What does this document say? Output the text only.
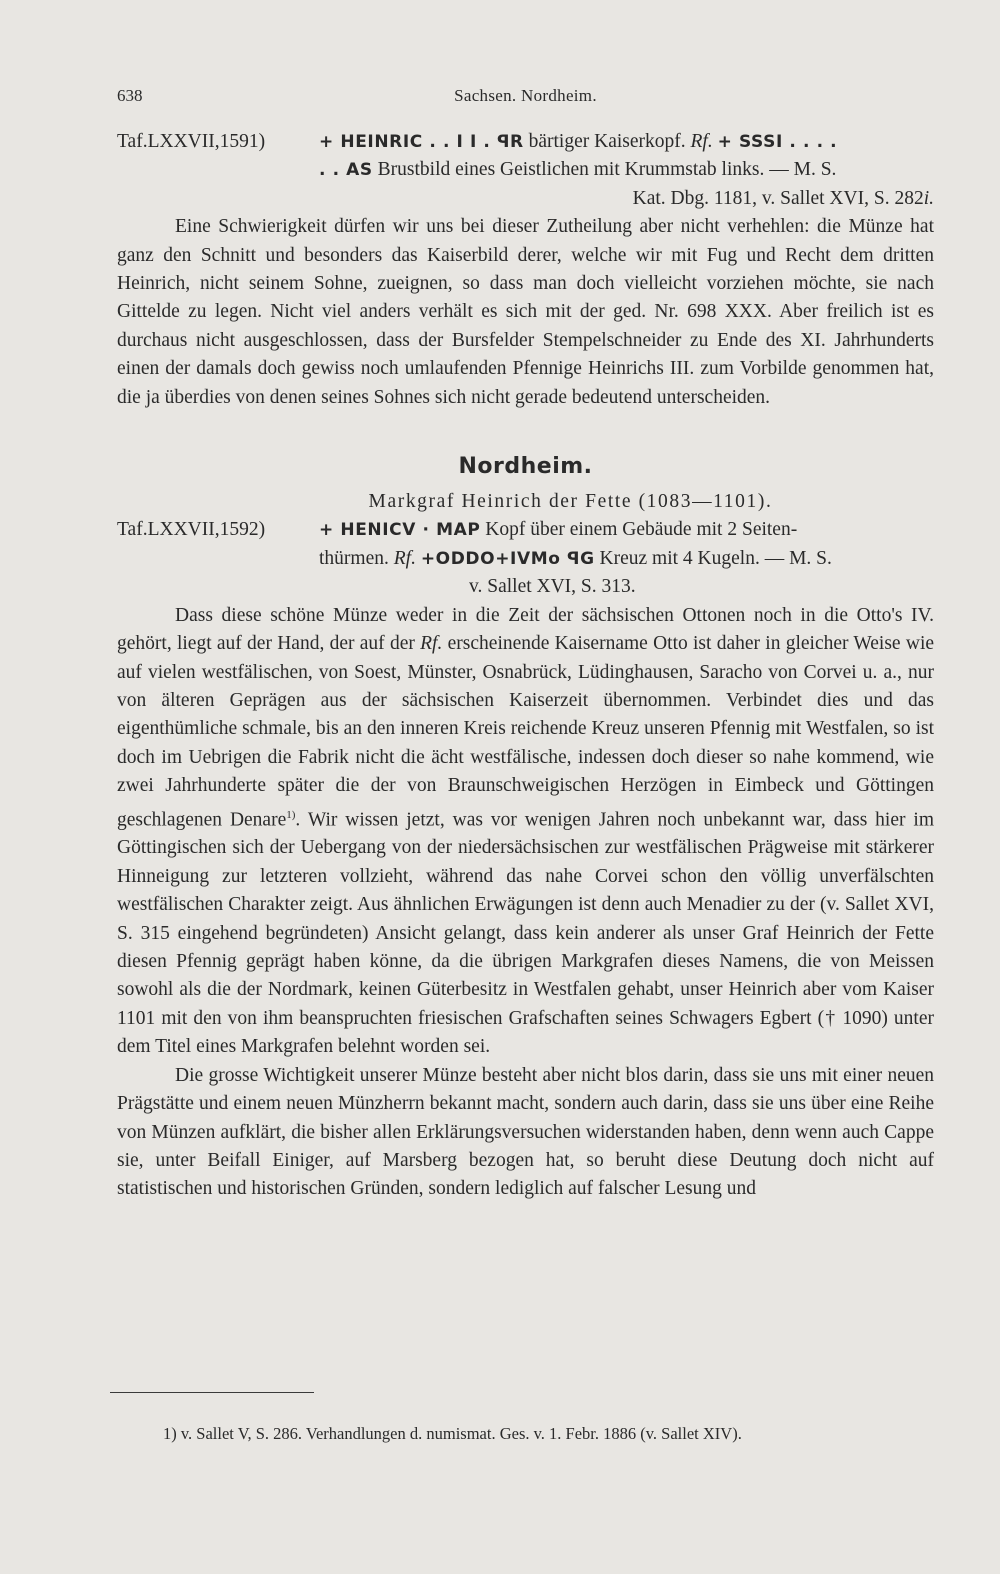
638	Sachsen. Nordheim.
Taf.LXXVII,1591)	+ HEINRIC . . I I . ꟼR bärtiger Kaiserkopf. Rf. + SSSI . . . .
. . AS Brustbild eines Geistlichen mit Krummstab links. — M. S.
Kat. Dbg. 1181, v. Sallet XVI, S. 282i.

Eine Schwierigkeit dürfen wir uns bei dieser Zutheilung aber nicht verhehlen: die Münze hat ganz den Schnitt und besonders das Kaiserbild derer, welche wir mit Fug und Recht dem dritten Heinrich, nicht seinem Sohne, zueignen, so dass man doch vielleicht vorziehen möchte, sie nach Gittelde zu legen. Nicht viel anders verhält es sich mit der ged. Nr. 698 XXX. Aber freilich ist es durchaus nicht ausgeschlossen, dass der Bursfelder Stempelschneider zu Ende des XI. Jahrhunderts einen der damals doch gewiss noch umlaufenden Pfennige Heinrichs III. zum Vorbilde genommen hat, die ja überdies von denen seines Sohnes sich nicht gerade bedeutend unterscheiden.

Nordheim.

Markgraf Heinrich der Fette (1083—1101).

Taf.LXXVII,1592)	+ HENICV · MAP Kopf über einem Gebäude mit 2 Seiten-
thürmen. Rf. +ODDO+IVMo ꟼG Kreuz mit 4 Kugeln. — M. S.
v. Sallet XVI, S. 313.

Dass diese schöne Münze weder in die Zeit der sächsischen Ottonen noch in die Otto's IV. gehört, liegt auf der Hand, der auf der Rf. erscheinende Kaisername Otto ist daher in gleicher Weise wie auf vielen westfälischen, von Soest, Münster, Osnabrück, Lüdinghausen, Saracho von Corvei u. a., nur von älteren Geprägen aus der sächsischen Kaiserzeit übernommen. Verbindet dies und das eigenthümliche schmale, bis an den inneren Kreis reichende Kreuz unseren Pfennig mit Westfalen, so ist doch im Uebrigen die Fabrik nicht die ächt westfälische, indessen doch dieser so nahe kommend, wie zwei Jahrhunderte später die der von Braunschweigischen Herzögen in Eimbeck und Göttingen geschlagenen Denare$^{1)}$. Wir wissen jetzt, was vor wenigen Jahren noch unbekannt war, dass hier im Göttingischen sich der Uebergang von der niedersächsischen zur westfälischen Prägweise mit stärkerer Hinneigung zur letzteren vollzieht, während das nahe Corvei schon den völlig unverfälschten westfälischen Charakter zeigt. Aus ähnlichen Erwägungen ist denn auch Menadier zu der (v. Sallet XVI, S. 315 eingehend begründeten) Ansicht gelangt, dass kein anderer als unser Graf Heinrich der Fette diesen Pfennig geprägt haben könne, da die übrigen Markgrafen dieses Namens, die von Meissen sowohl als die der Nordmark, keinen Güterbesitz in Westfalen gehabt, unser Heinrich aber vom Kaiser 1101 mit den von ihm beanspruchten friesischen Grafschaften seines Schwagers Egbert († 1090) unter dem Titel eines Markgrafen belehnt worden sei.

Die grosse Wichtigkeit unserer Münze besteht aber nicht blos darin, dass sie uns mit einer neuen Prägstätte und einem neuen Münzherrn bekannt macht, sondern auch darin, dass sie uns über eine Reihe von Münzen aufklärt, die bisher allen Erklärungsversuchen widerstanden haben, denn wenn auch Cappe sie, unter Beifall Einiger, auf Marsberg bezogen hat, so beruht diese Deutung doch nicht auf statistischen und historischen Gründen, sondern lediglich auf falscher Lesung und

1) v. Sallet V, S. 286. Verhandlungen d. numismat. Ges. v. 1. Febr. 1886 (v. Sallet XIV).
